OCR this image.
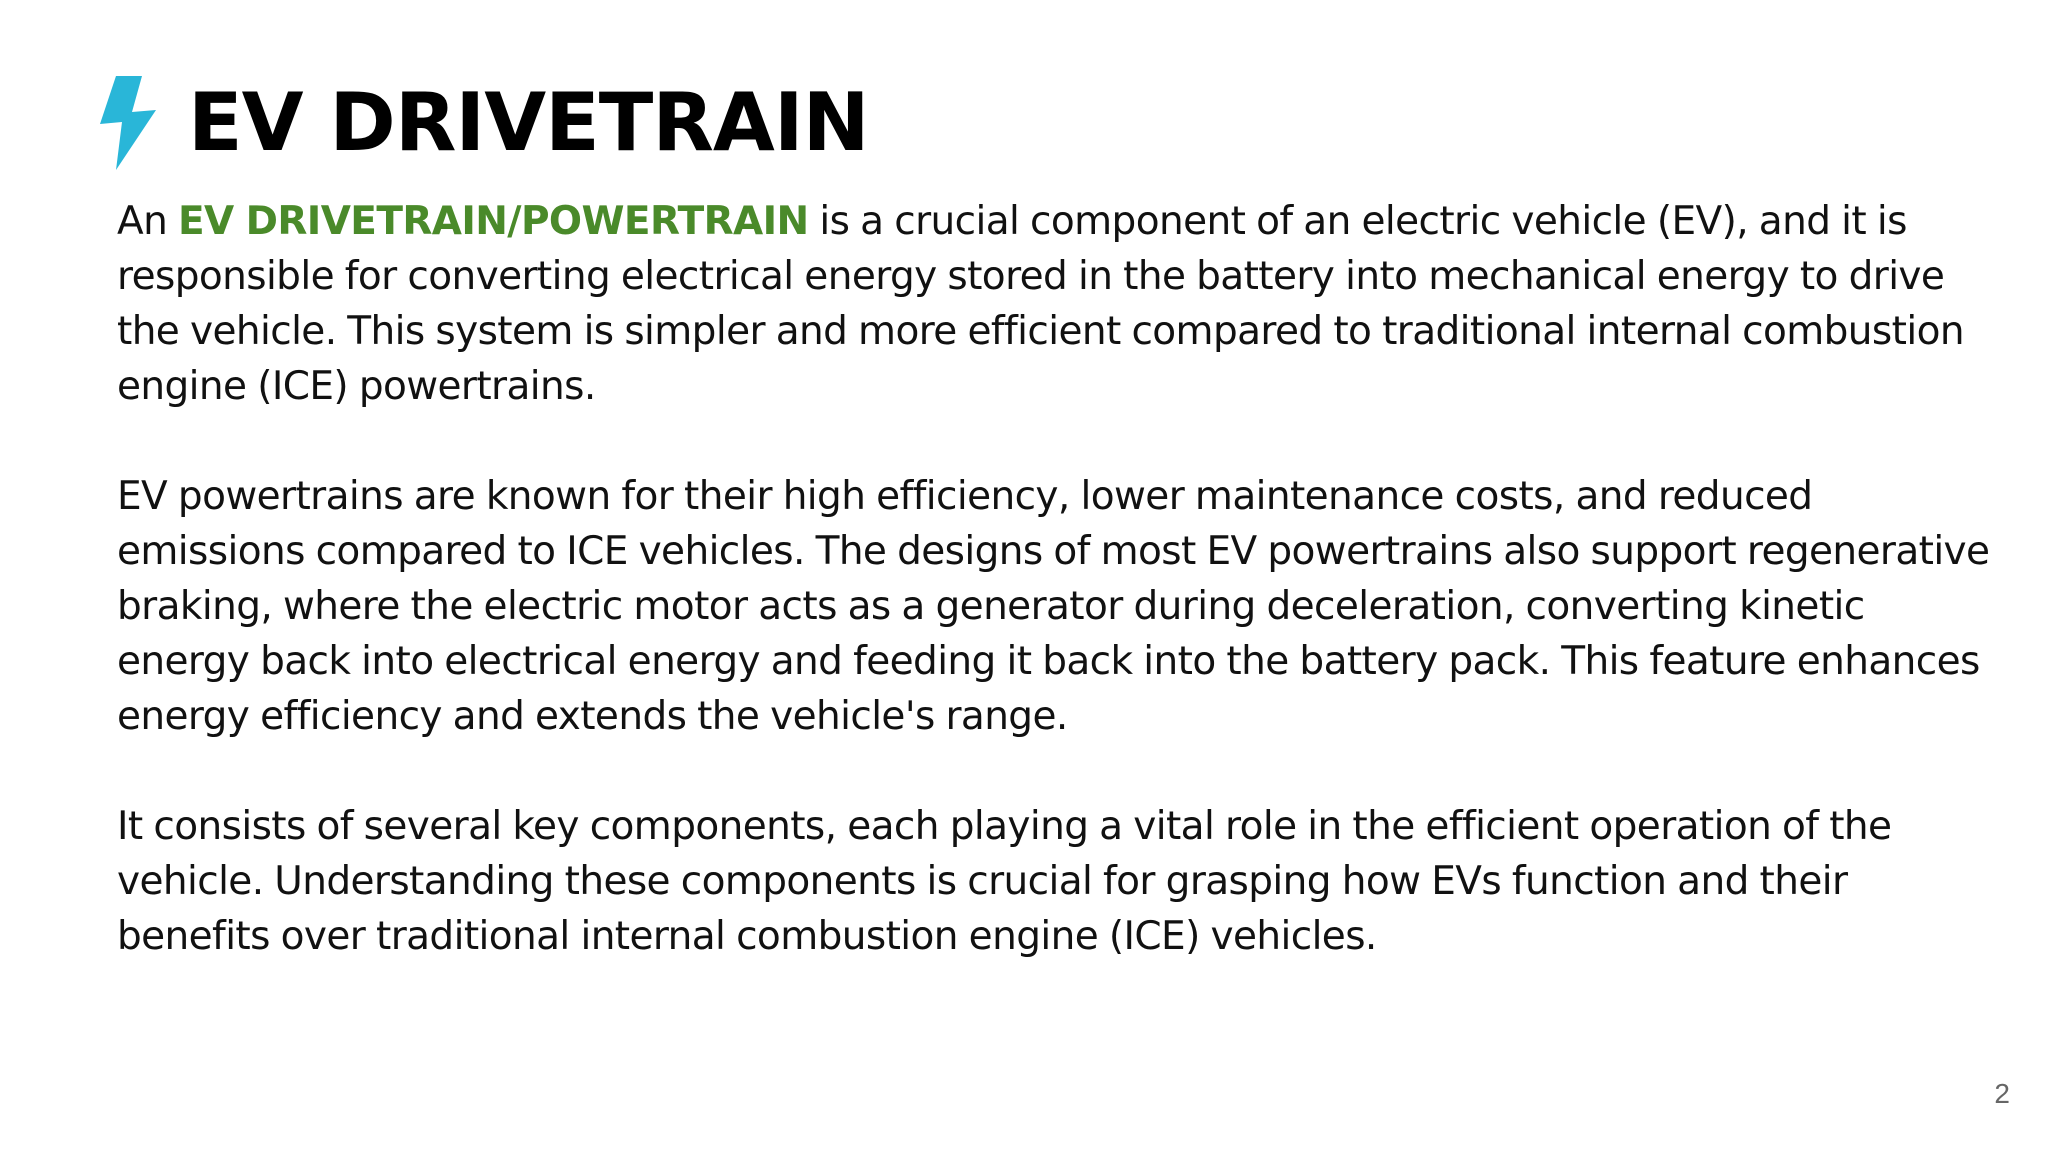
EV DRIVETRAIN

An EV DRIVETRAIN/POWERTRAIN is a crucial component of an electric vehicle (EV), and it is responsible for converting electrical energy stored in the battery into mechanical energy to drive the vehicle. This system is simpler and more efficient compared to traditional internal combustion engine (ICE) powertrains.

EV powertrains are known for their high efficiency, lower maintenance costs, and reduced emissions compared to ICE vehicles. The designs of most EV powertrains also support regenerative braking, where the electric motor acts as a generator during deceleration, converting kinetic energy back into electrical energy and feeding it back into the battery pack. This feature enhances energy efficiency and extends the vehicle's range.

It consists of several key components, each playing a vital role in the efficient operation of the vehicle. Understanding these components is crucial for grasping how EVs function and their benefits over traditional internal combustion engine (ICE) vehicles.

2
